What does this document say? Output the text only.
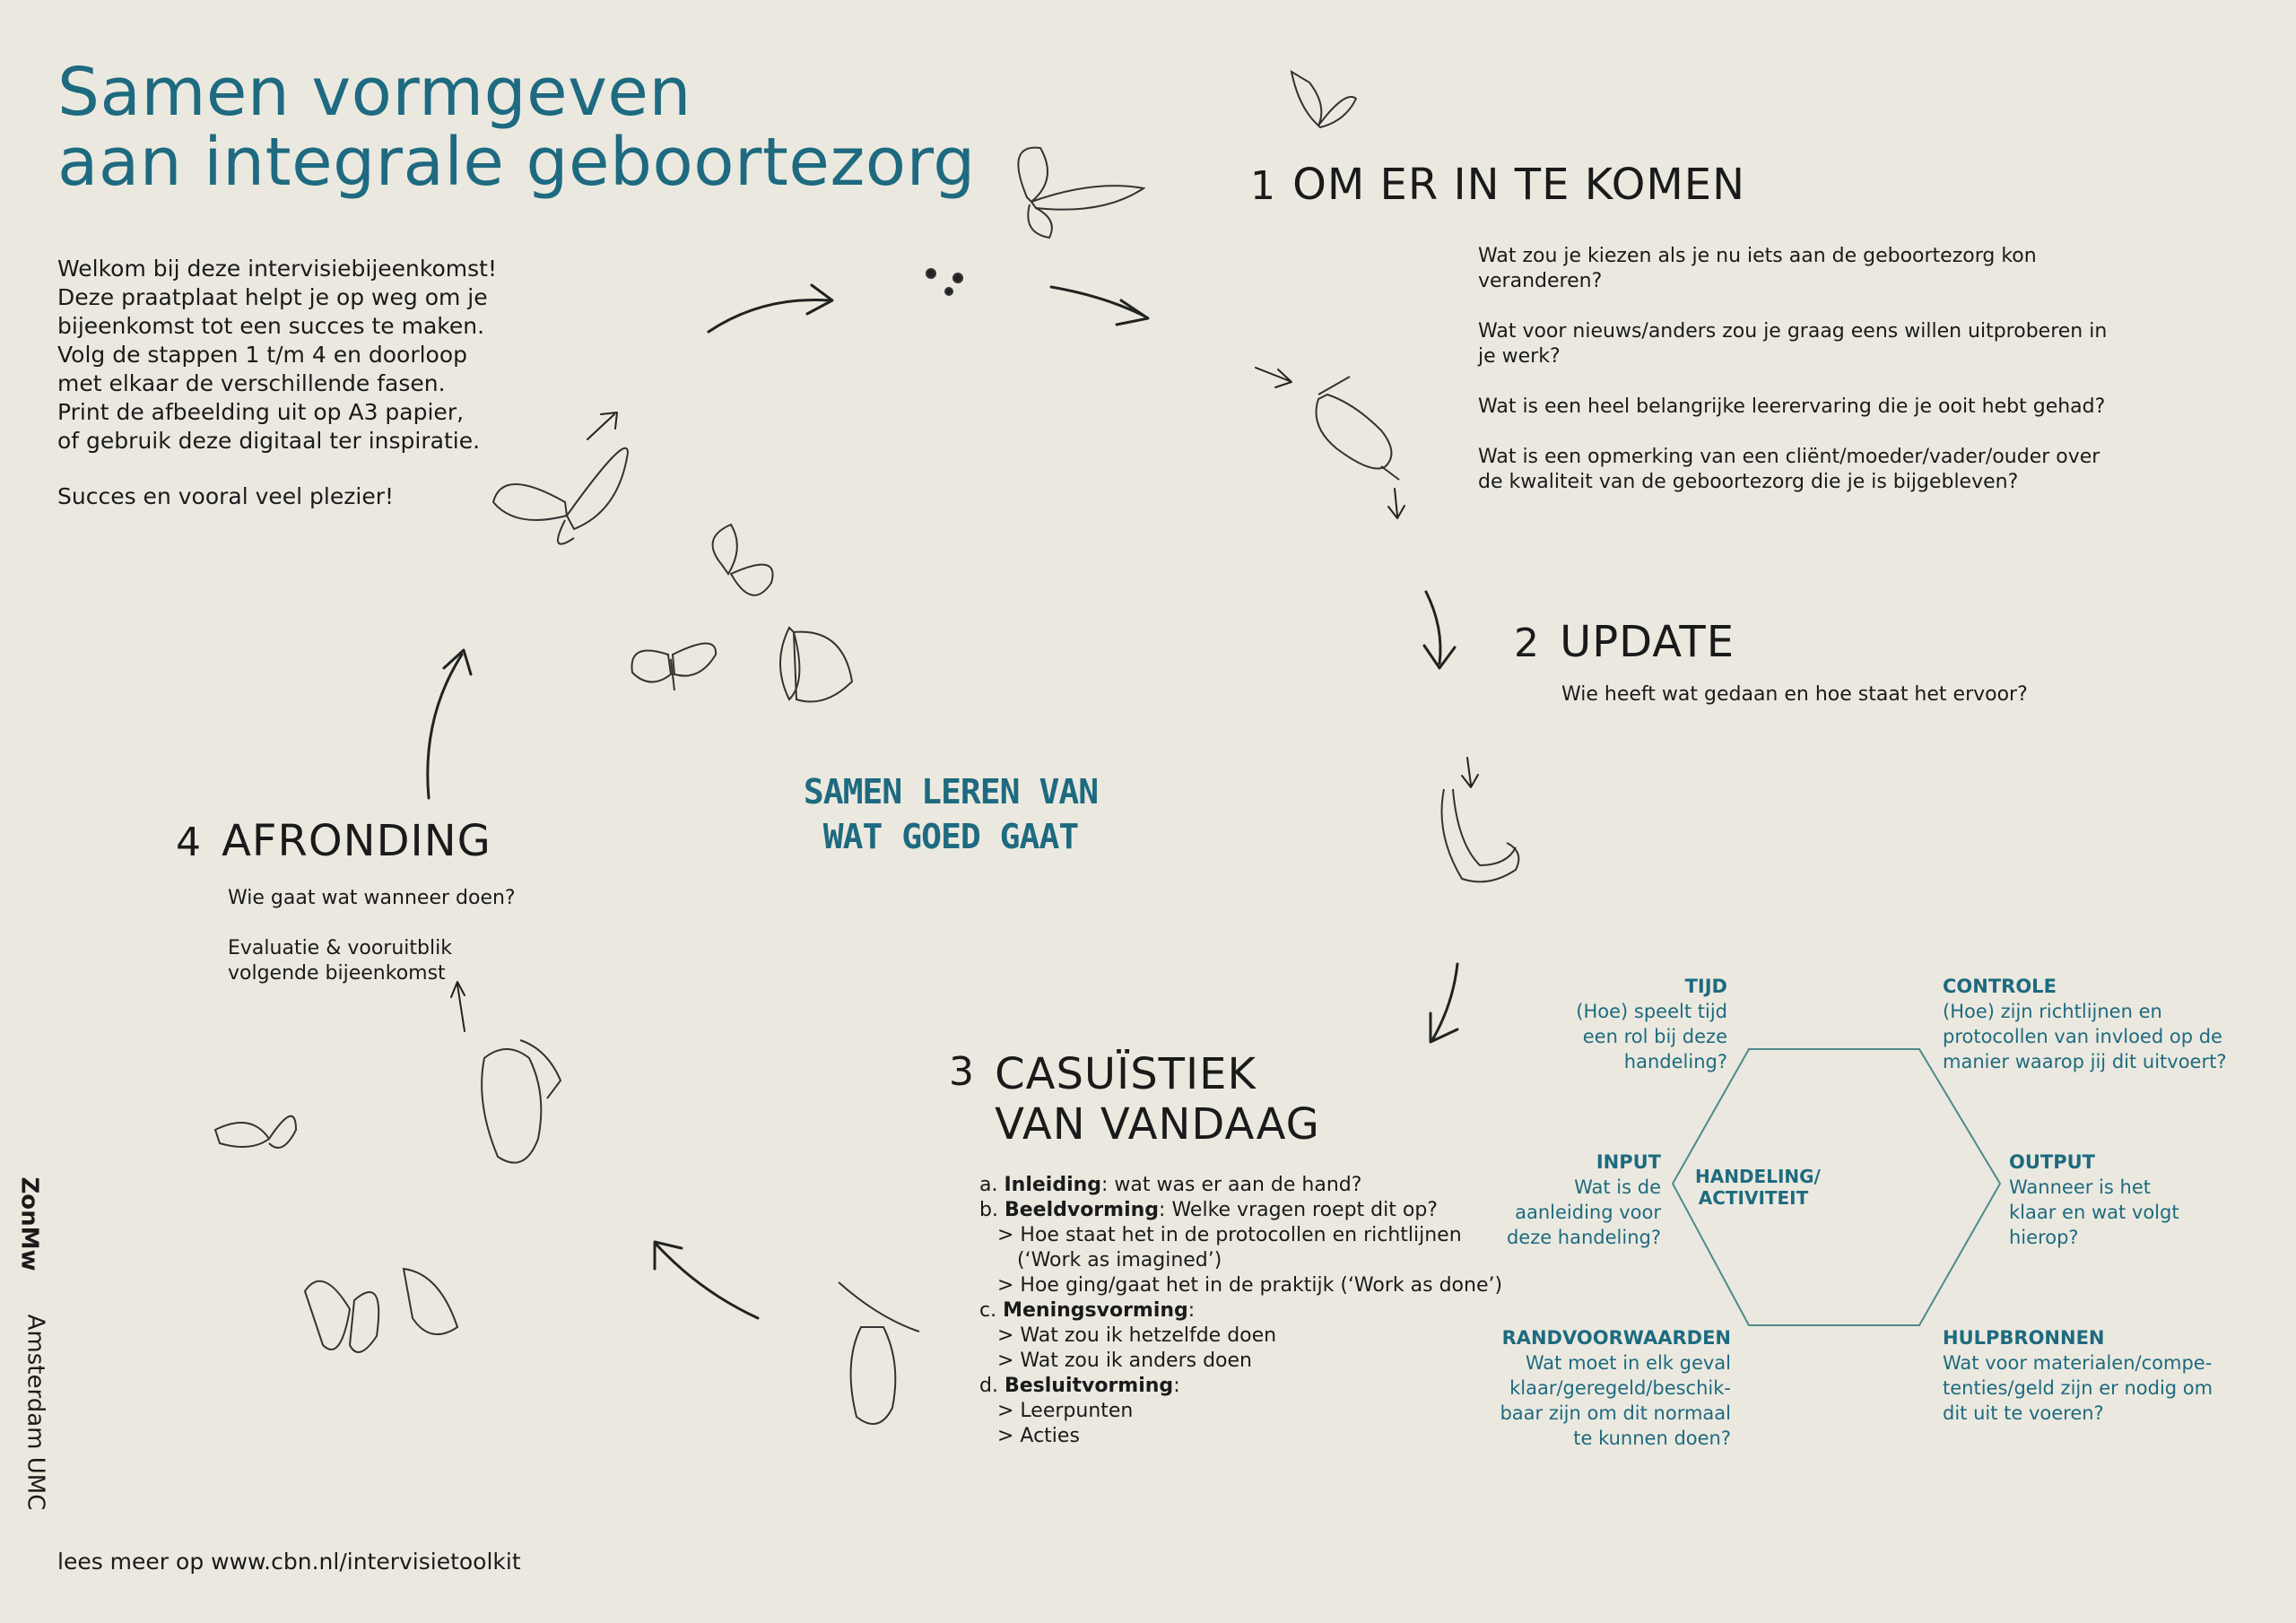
Samen vormgeven
aan integrale geboortezorg

Welkom bij deze intervisiebijeenkomst!

Deze praatplaat helpt je op weg om je

bijeenkomst tot een succes te maken.

Volg de stappen 1 t/m 4 en doorloop

met elkaar de verschillende fasen.

Print de afbeelding uit op A3 papier,

of gebruik deze digitaal ter inspiratie.

Succes en vooral veel plezier!

1 OM ER IN TE KOMEN

Wat zou je kiezen als je nu iets aan de geboortezorg kon veranderen?

Wat voor nieuws/anders zou je graag eens willen uitproberen in je werk?

Wat is een heel belangrijke leerervaring die je ooit hebt gehad?

Wat is een opmerking van een cliënt/moeder/vader/ouder over de kwaliteit van de geboortezorg die je is bijgebleven?

2 UPDATE
Wie heeft wat gedaan en hoe staat het ervoor?
SAMEN LEREN VAN
WAT GOED GAAT
4 AFRONDING
Wie gaat wat wanneer doen?
Evaluatie & vooruitblik
volgende bijeenkomst
3 CASUÏSTIEK
VAN VANDAAG
a. Inleiding: wat was er aan de hand?
b. Beeldvorming: Welke vragen roept dit op?
> Hoe staat het in de protocollen en richtlijnen
(‘Work as imagined’)
> Hoe ging/gaat het in de praktijk (‘Work as done’)
c. Meningsvorming:
> Wat zou ik hetzelfde doen
> Wat zou ik anders doen
d. Besluitvorming:
> Leerpunten
> Acties
HANDELING/
ACTIVITEIT
TIJD
(Hoe) speelt tijd
een rol bij deze
handeling?
CONTROLE
(Hoe) zijn richtlijnen en
protocollen van invloed op de
manier waarop jij dit uitvoert?
INPUT
Wat is de
aanleiding voor
deze handeling?
OUTPUT
Wanneer is het
klaar en wat volgt
hierop?
RANDVOORWAARDEN
Wat moet in elk geval
klaar/geregeld/beschik-
baar zijn om dit normaal
te kunnen doen?
HULPBRONNEN
Wat voor materialen/compe-
tenties/geld zijn er nodig om
dit uit te voeren?
ZonMw
Amsterdam UMC
lees meer op www.cbn.nl/intervisietoolkit
